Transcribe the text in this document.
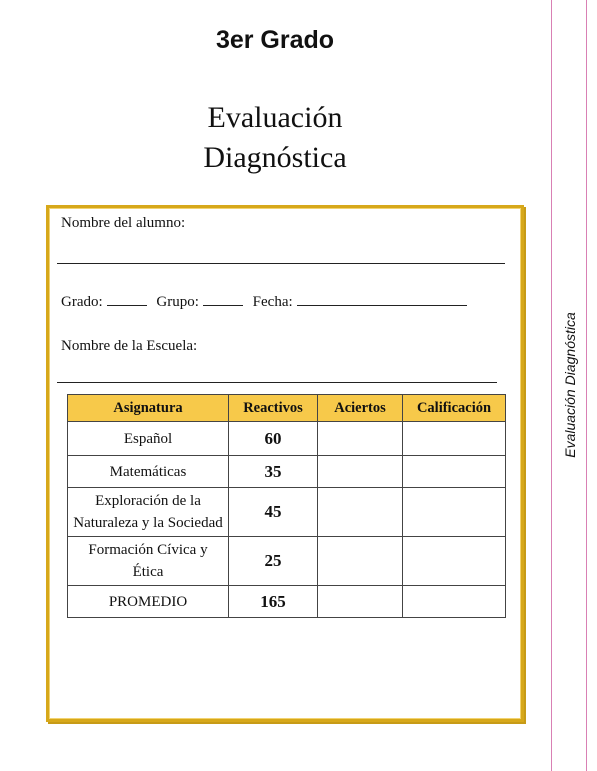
3er Grado
Evaluación
Diagnóstica
Nombre del alumno:
Grado:	Grupo:	Fecha:
Nombre de la Escuela:
Asignatura	Reactivos	Aciertos	Calificación
Español	60		
Matemáticas	35		
Exploración de la Naturaleza y la Sociedad	45		
Formación Cívica y Ética	25		
PROMEDIO	165		
Evaluación Diagnóstica
